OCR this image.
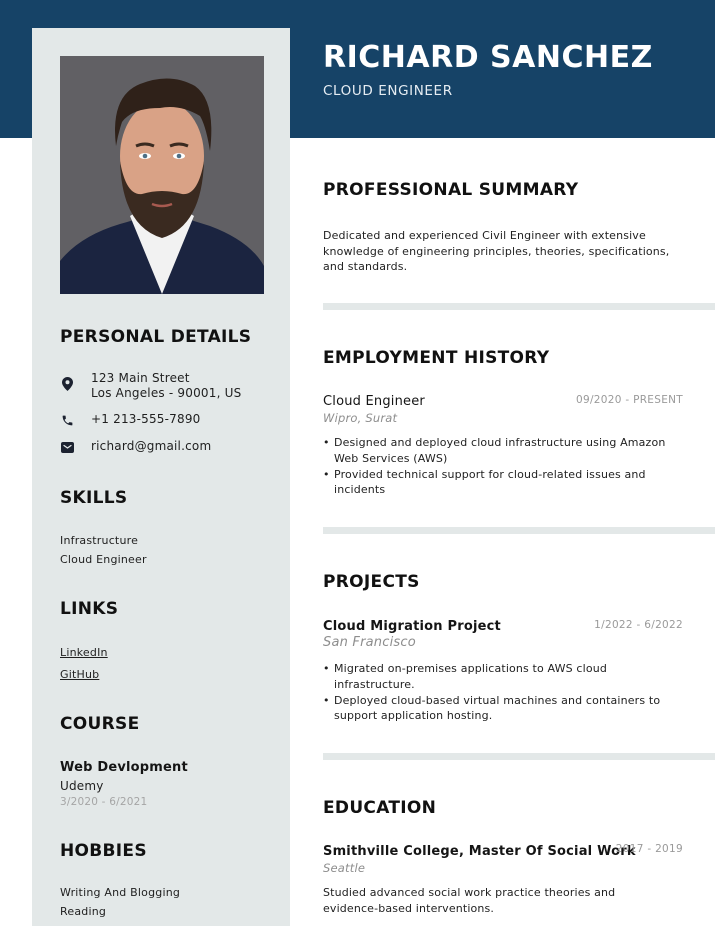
RICHARD SANCHEZ
CLOUD ENGINEER
PERSONAL DETAILS
123 Main Street
Los Angeles - 90001, US
+1 213-555-7890
richard@gmail.com
SKILLS
Infrastructure
Cloud Engineer
LINKS
LinkedIn
GitHub
COURSE
Web Devlopment
Udemy
3/2020 - 6/2021
HOBBIES
Writing And Blogging
Reading
PROFESSIONAL SUMMARY
Dedicated and experienced Civil Engineer with extensive knowledge of engineering principles, theories, specifications, and standards.
EMPLOYMENT HISTORY
Cloud Engineer	09/2020 - PRESENT
Wipro, Surat
• Designed and deployed cloud infrastructure using Amazon Web Services (AWS)
• Provided technical support for cloud-related issues and incidents
PROJECTS
Cloud Migration Project	1/2022 - 6/2022
San Francisco
• Migrated on-premises applications to AWS cloud infrastructure.
• Deployed cloud-based virtual machines and containers to support application hosting.
EDUCATION
Smithville College, Master Of Social Work
2017 - 2019
Seattle
Studied advanced social work practice theories and evidence-based interventions.
